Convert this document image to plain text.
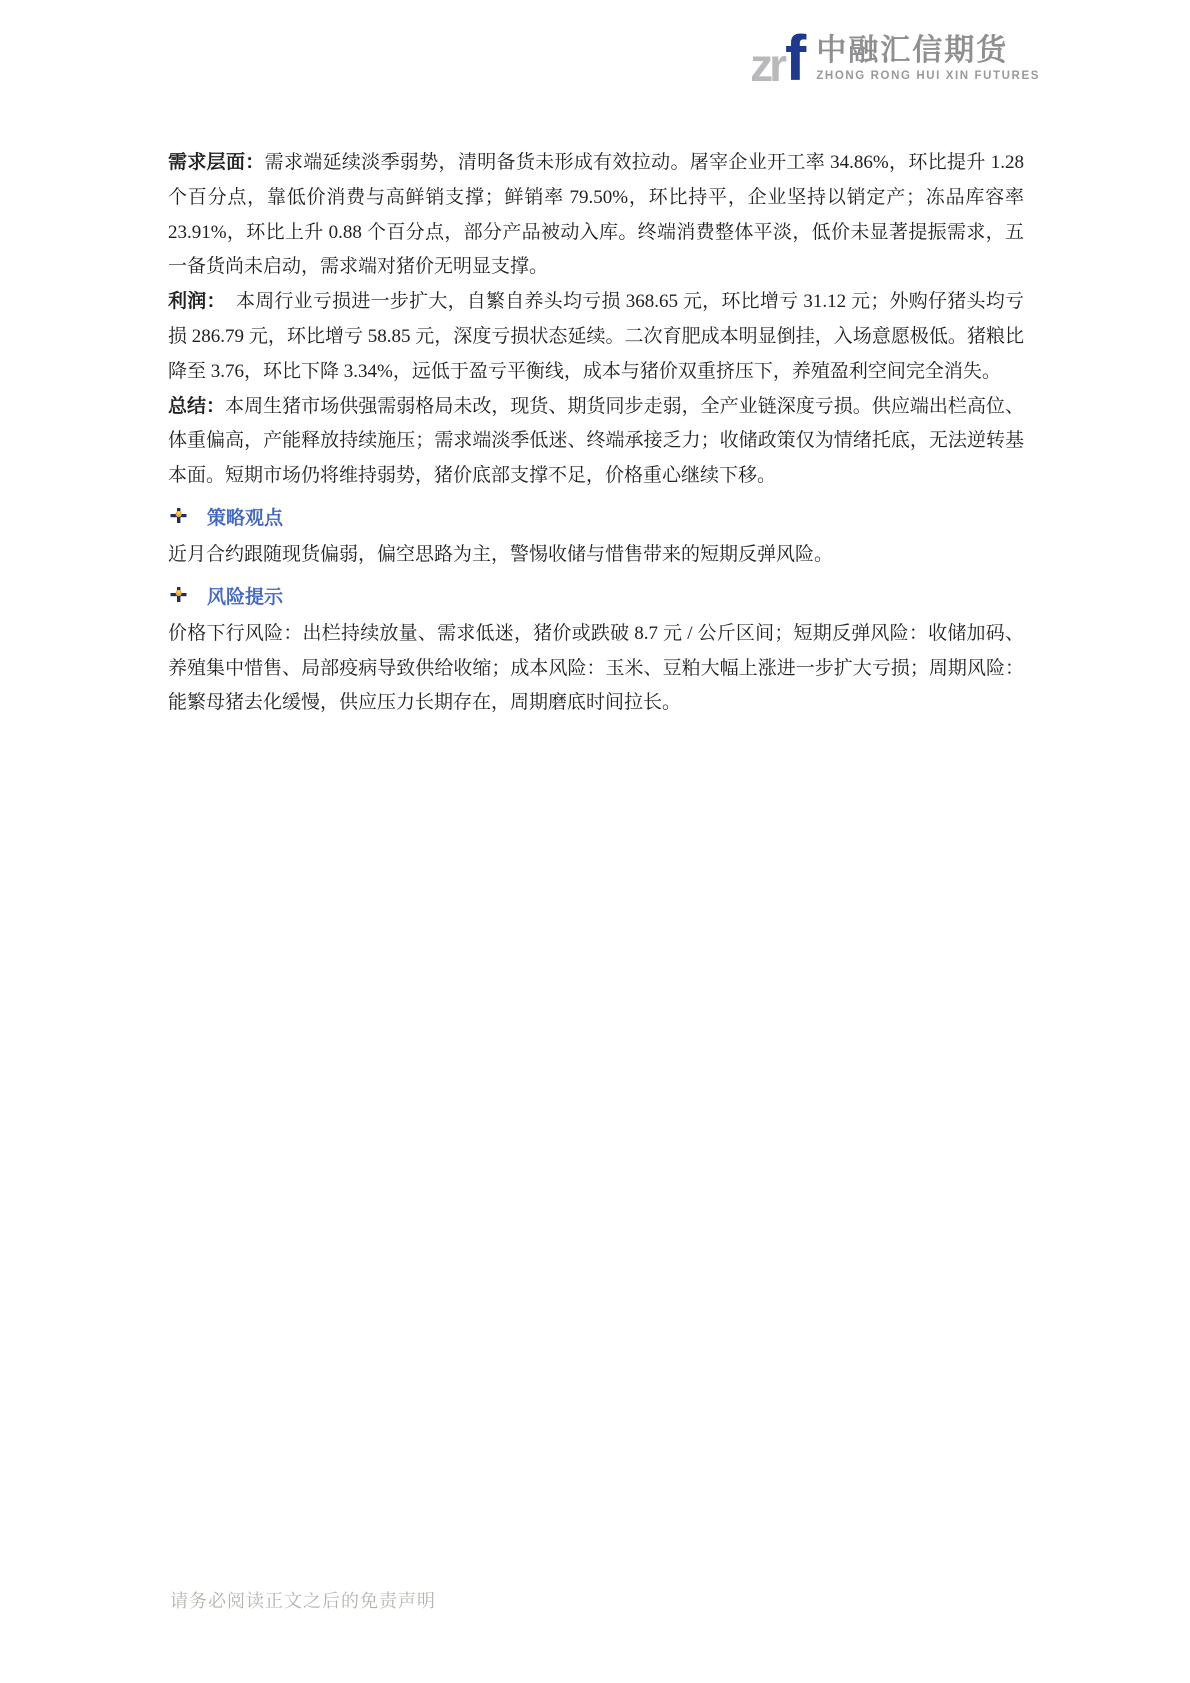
zr f 中融汇信期货
ZHONG RONG HUI XIN FUTURES

需求层面：需求端延续淡季弱势，清明备货未形成有效拉动。屠宰企业开工率 34.86%，环比提升 1.28 个百分点，靠低价消费与高鲜销支撑；鲜销率 79.50%，环比持平，企业坚持以销定产；冻品库容率 23.91%，环比上升 0.88 个百分点，部分产品被动入库。终端消费整体平淡，低价未显著提振需求，五一备货尚未启动，需求端对猪价无明显支撑。

利润： 本周行业亏损进一步扩大，自繁自养头均亏损 368.65 元，环比增亏 31.12 元；外购仔猪头均亏损 286.79 元，环比增亏 58.85 元，深度亏损状态延续。二次育肥成本明显倒挂，入场意愿极低。猪粮比降至 3.76，环比下降 3.34%，远低于盈亏平衡线，成本与猪价双重挤压下，养殖盈利空间完全消失。

总结：本周生猪市场供强需弱格局未改，现货、期货同步走弱，全产业链深度亏损。供应端出栏高位、体重偏高，产能释放持续施压；需求端淡季低迷、终端承接乏力；收储政策仅为情绪托底，无法逆转基本面。短期市场仍将维持弱势，猪价底部支撑不足，价格重心继续下移。

策略观点

近月合约跟随现货偏弱，偏空思路为主，警惕收储与惜售带来的短期反弹风险。

风险提示

价格下行风险：出栏持续放量、需求低迷，猪价或跌破 8.7 元 / 公斤区间；短期反弹风险：收储加码、养殖集中惜售、局部疫病导致供给收缩；成本风险：玉米、豆粕大幅上涨进一步扩大亏损；周期风险：能繁母猪去化缓慢，供应压力长期存在，周期磨底时间拉长。

请务必阅读正文之后的免责声明
